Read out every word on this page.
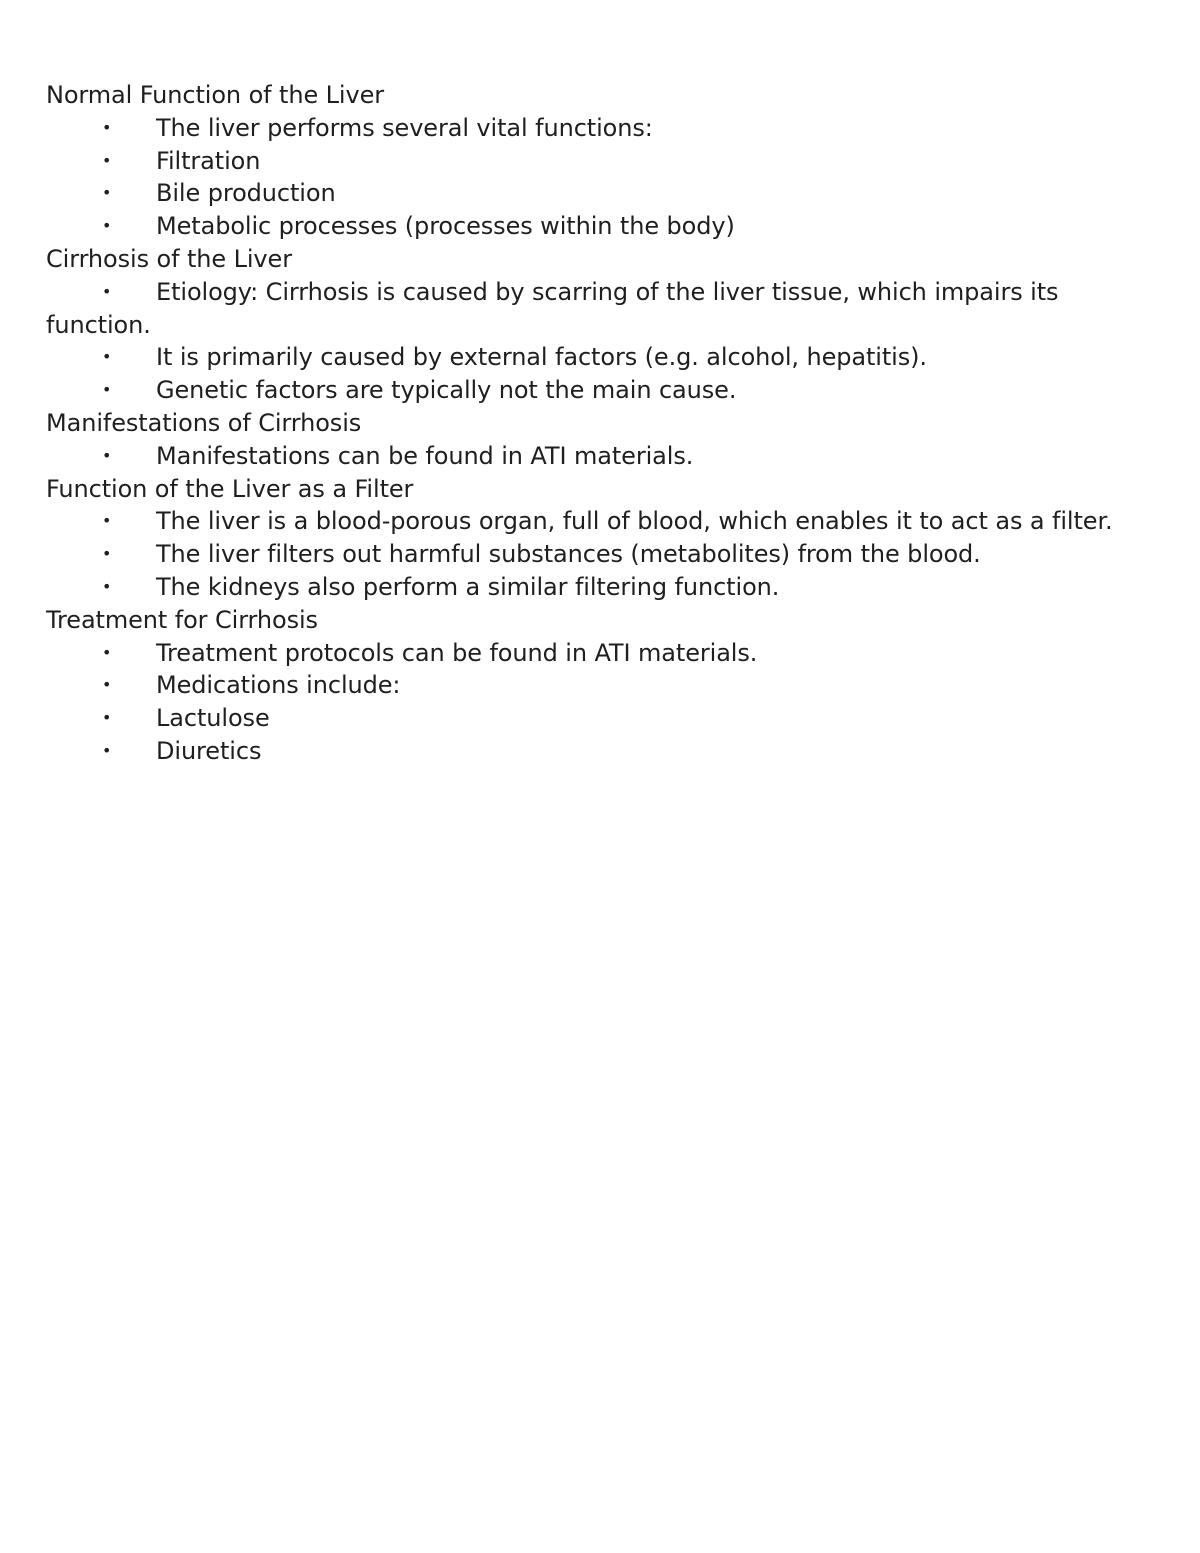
Normal Function of the Liver
• The liver performs several vital functions:
• Filtration
• Bile production
• Metabolic processes (processes within the body)
Cirrhosis of the Liver
• Etiology: Cirrhosis is caused by scarring of the liver tissue, which impairs its function.
• It is primarily caused by external factors (e.g. alcohol, hepatitis).
• Genetic factors are typically not the main cause.
Manifestations of Cirrhosis
• Manifestations can be found in ATI materials.
Function of the Liver as a Filter
• The liver is a blood-porous organ, full of blood, which enables it to act as a filter.
• The liver filters out harmful substances (metabolites) from the blood.
• The kidneys also perform a similar filtering function.
Treatment for Cirrhosis
• Treatment protocols can be found in ATI materials.
• Medications include:
• Lactulose
• Diuretics
